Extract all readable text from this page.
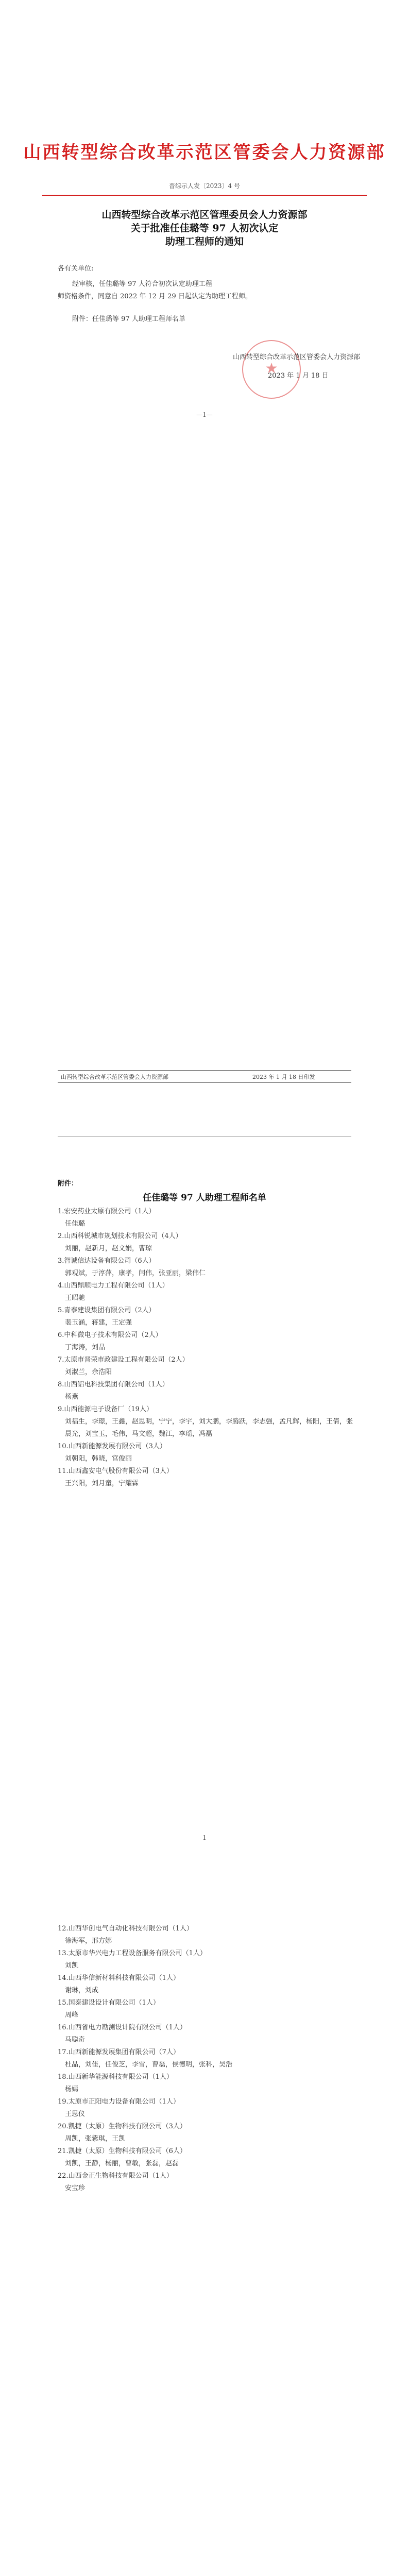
山西转型综合改革示范区管委会人力资源部
晋综示人发〔2023〕4 号
山西转型综合改革示范区管理委员会人力资源部
关于批准任佳璐等 97 人初次认定
助理工程师的通知
各有关单位:
经审核，任佳璐等 97 人符合初次认定助理工程
师资格条件，同意自 2022 年 12 月 29 日起认定为助理工程师。
附件：任佳璐等 97 人助理工程师名单
★
山西转型综合改革示范区管委会人力资源部
2023 年 1 月 18 日
—1—
山西转型综合改革示范区管委会人力资源部	2023 年 1 月 18 日印发
附件：
任佳璐等 97 人助理工程师名单
1.宏安药业太原有限公司（1人）
任佳璐
2.山西科锐城市规划技术有限公司（4人）
刘丽，赵新月，赵文娟，曹琼
3.智诚信达设备有限公司（6人）
郭观斌，于淳萍，康孝，闫伟，张亚丽，梁伟仁
4.山西鼎顺电力工程有限公司（1人）
王昭驰
5.青泰建设集团有限公司（2人）
裴玉涵，蒋建，王定强
6.中科微电子技术有限公司（2人）
丁海涛，刘晶
7.太原市晋荣市政建设工程有限公司（2人）
刘淑兰，余浩阳
8.山西铝电科技集团有限公司（1人）
杨燕
9.山西能源电子设备厂（19人）
刘福生，李璟，王鑫，赵思明，宁宁，李宇，刘大鹏，李腾跃，李志强，孟凡辉，杨阳，王倩，张晨光，刘宝玉，毛伟，马文超，魏江，李瑶，冯磊
10.山西新能源发展有限公司（3人）
刘朝阳，韩晓，宫俊丽
11.山西鑫安电气股份有限公司（3人）
王兴阳，刘月童，宁耀霖
1
12.山西华创电气自动化科技有限公司（1人）
徐海军，邢方娜
13.太原市华兴电力工程设备服务有限公司（1人）
刘凯
14.山西华信新材料科技有限公司（1人）
谢琳，刘成
15.国泰建设设计有限公司（1人）
周峰
16.山西省电力勘测设计院有限公司（1人）
马聪奇
17.山西新能源发展集团有限公司（7人）
杜晶，刘佳，任俊芝，李雪，曹磊，侯德明，张科，吴浩
18.山西新华能源科技有限公司（1人）
杨嫣
19.太原市正阳电力设备有限公司（1人）
王思仪
20.凯捷（太原）生物科技有限公司（3人）
周凯，张紫琪，王凯
21.凯捷（太原）生物科技有限公司（6人）
刘凯，王静，杨丽，曹敏，张磊，赵磊
22.山西金正生物科技有限公司（1人）
安宝珍
